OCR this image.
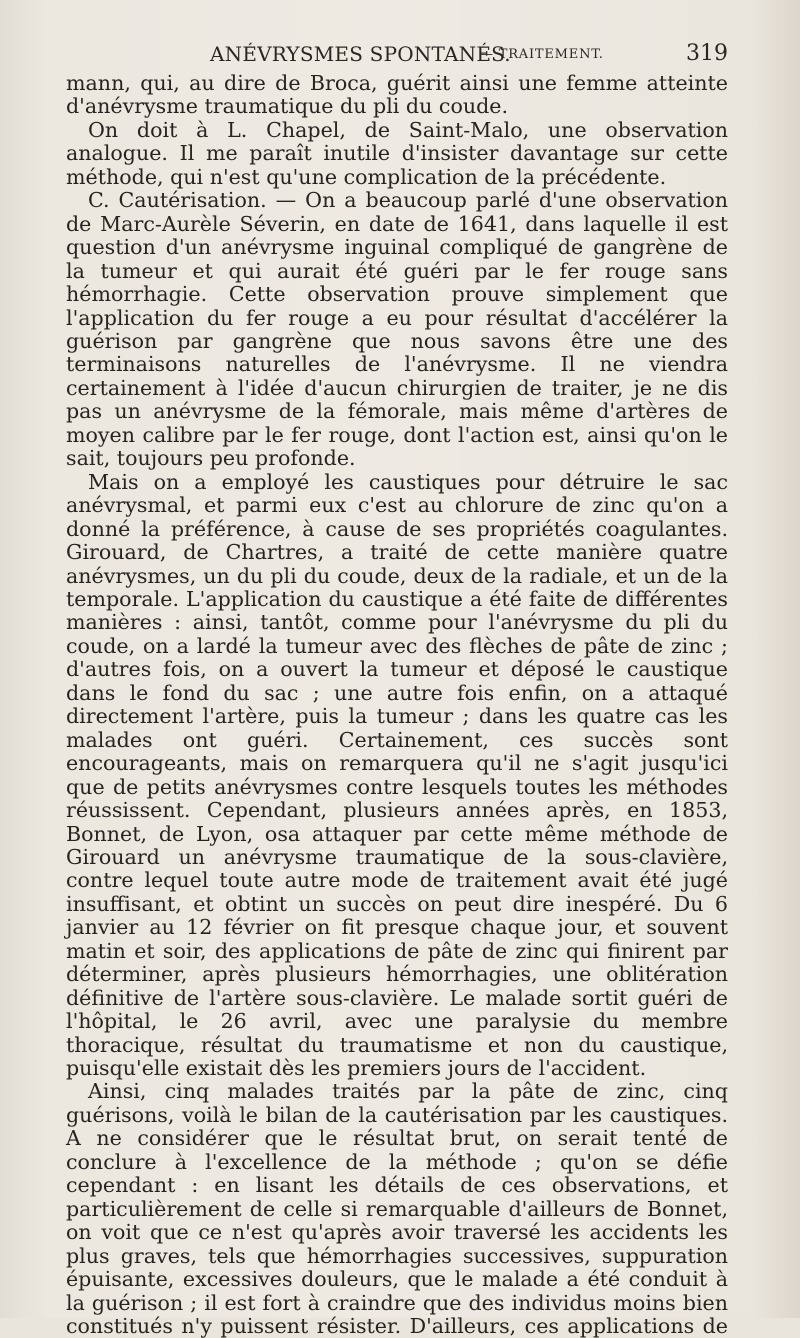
ANÉVRYSMES SPONTANÉS.
— TRAITEMENT.	319

mann, qui, au dire de Broca, guérit ainsi une femme atteinte d'anévrysme traumatique du pli du coude.

On doit à L. Chapel, de Saint-Malo, une observation analogue. Il me paraît inutile d'insister davantage sur cette méthode, qui n'est qu'une complication de la précédente.

C. Cautérisation. — On a beaucoup parlé d'une observation de Marc-Aurèle Séverin, en date de 1641, dans laquelle il est question d'un anévrysme inguinal compliqué de gangrène de la tumeur et qui aurait été guéri par le fer rouge sans hémorrhagie. Cette observation prouve simplement que l'application du fer rouge a eu pour résultat d'accélérer la guérison par gangrène que nous savons être une des terminaisons naturelles de l'anévrysme. Il ne viendra certainement à l'idée d'aucun chirurgien de traiter, je ne dis pas un anévrysme de la fémorale, mais même d'artères de moyen calibre par le fer rouge, dont l'action est, ainsi qu'on le sait, toujours peu profonde.

Mais on a employé les caustiques pour détruire le sac anévrysmal, et parmi eux c'est au chlorure de zinc qu'on a donné la préférence, à cause de ses propriétés coagulantes. Girouard, de Chartres, a traité de cette manière quatre anévrysmes, un du pli du coude, deux de la radiale, et un de la temporale. L'application du caustique a été faite de différentes manières : ainsi, tantôt, comme pour l'anévrysme du pli du coude, on a lardé la tumeur avec des flèches de pâte de zinc ; d'autres fois, on a ouvert la tumeur et déposé le caustique dans le fond du sac ; une autre fois enfin, on a attaqué directement l'artère, puis la tumeur ; dans les quatre cas les malades ont guéri. Certainement, ces succès sont encourageants, mais on remarquera qu'il ne s'agit jusqu'ici que de petits anévrysmes contre lesquels toutes les méthodes réussissent. Cependant, plusieurs années après, en 1853, Bonnet, de Lyon, osa attaquer par cette même méthode de Girouard un anévrysme traumatique de la sous-clavière, contre lequel toute autre mode de traitement avait été jugé insuffisant, et obtint un succès on peut dire inespéré. Du 6 janvier au 12 février on fit presque chaque jour, et souvent matin et soir, des applications de pâte de zinc qui finirent par déterminer, après plusieurs hémorrhagies, une oblitération définitive de l'artère sous-clavière. Le malade sortit guéri de l'hôpital, le 26 avril, avec une paralysie du membre thoracique, résultat du traumatisme et non du caustique, puisqu'elle existait dès les premiers jours de l'accident.

Ainsi, cinq malades traités par la pâte de zinc, cinq guérisons, voilà le bilan de la cautérisation par les caustiques. A ne considérer que le résultat brut, on serait tenté de conclure à l'excellence de la méthode ; qu'on se défie cependant : en lisant les détails de ces observations, et particulièrement de celle si remarquable d'ailleurs de Bonnet, on voit que ce n'est qu'après avoir traversé les accidents les plus graves, tels que hémorrhagies successives, suppuration épuisante, excessives douleurs, que le malade a été conduit à la guérison ; il est fort à craindre que des individus moins bien constitués n'y puissent résister. D'ailleurs, ces applications de
